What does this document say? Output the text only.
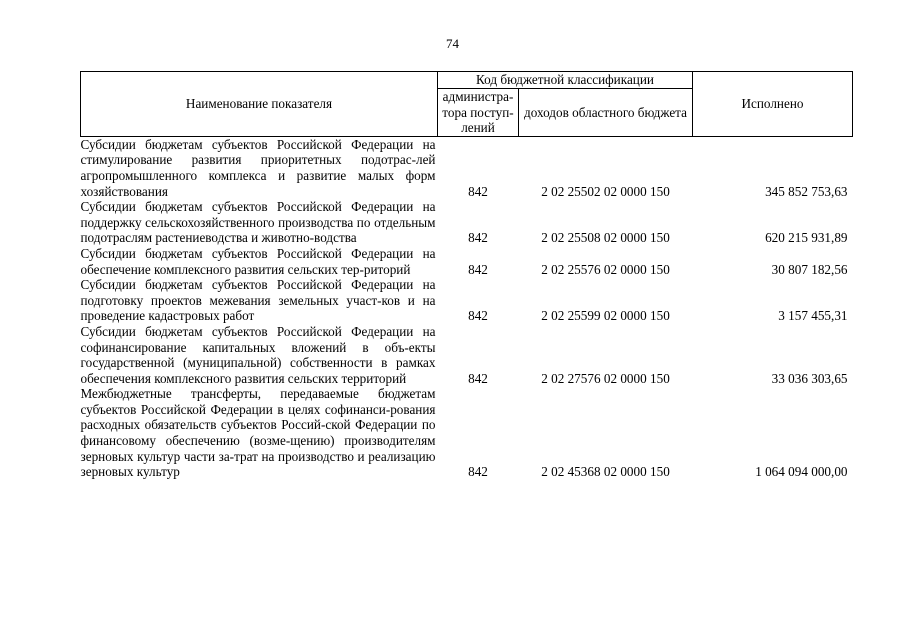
74
Наименование показателя	Код бюджетной классификации		Исполнено
	администра-тора поступ-лений	доходов областного бюджета	
Субсидии бюджетам субъектов Российской Федерации на стимулирование развития приоритетных подотрас-лей агропромышленного комплекса и развитие малых форм хозяйствования	842	2 02 25502 02 0000 150	345 852 753,63
Субсидии бюджетам субъектов Российской Федерации на поддержку сельскохозяйственного производства по отдельным подотраслям растениеводства и животно-водства	842	2 02 25508 02 0000 150	620 215 931,89
Субсидии бюджетам субъектов Российской Федерации на обеспечение комплексного развития сельских тер-риторий	842	2 02 25576 02 0000 150	30 807 182,56
Субсидии бюджетам субъектов Российской Федерации на подготовку проектов межевания земельных участ-ков и на проведение кадастровых работ	842	2 02 25599 02 0000 150	3 157 455,31
Субсидии бюджетам субъектов Российской Федерации на софинансирование капитальных вложений в объ-екты государственной (муниципальной) собственности в рамках обеспечения комплексного развития сельских территорий	842	2 02 27576 02 0000 150	33 036 303,65
Межбюджетные трансферты, передаваемые бюджетам субъектов Российской Федерации в целях софинанси-рования расходных обязательств субъектов Россий-ской Федерации по финансовому обеспечению (возме-щению) производителям зерновых культур части за-трат на производство и реализацию зерновых культур	842	2 02 45368 02 0000 150	1 064 094 000,00
